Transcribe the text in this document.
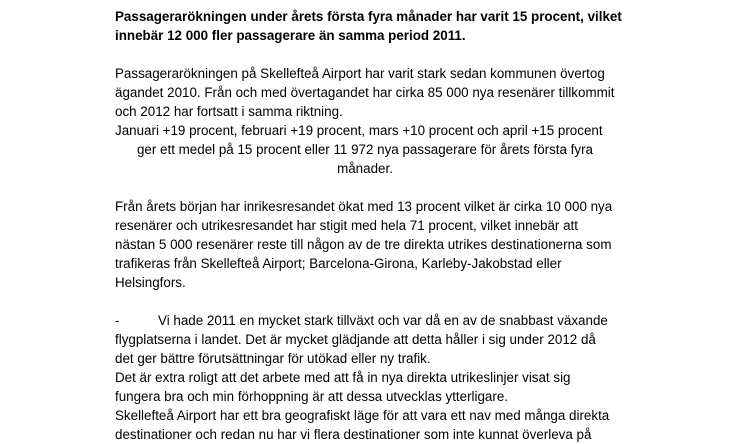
Passagerarökningen under årets första fyra månader har varit 15 procent, vilket
innebär 12 000 fler passagerare än samma period 2011.
Passagerarökningen på Skellefteå Airport har varit stark sedan kommunen övertog
ägandet 2010. Från och med övertagandet har cirka 85 000 nya resenärer tillkommit
och 2012 har fortsatt i samma riktning.
Januari +19 procent, februari +19 procent, mars +10 procent och april +15 procent
ger ett medel på 15 procent eller 11 972 nya passagerare för årets första fyra
månader.
Från årets början har inrikesresandet ökat med 13 procent vilket är cirka 10 000 nya
resenärer och utrikesresandet har stigit med hela 71 procent, vilket innebär att
nästan 5 000 resenärer reste till någon av de tre direkta utrikes destinationerna som
trafikeras från Skellefteå Airport; Barcelona-Girona, Karleby-Jakobstad eller
Helsingfors.
-	Vi hade 2011 en mycket stark tillväxt och var då en av de snabbast växande
flygplatserna i landet. Det är mycket glädjande att detta håller i sig under 2012 då
det ger bättre förutsättningar för utökad eller ny trafik.
Det är extra roligt att det arbete med att få in nya direkta utrikeslinjer visat sig
fungera bra och min förhoppning är att dessa utvecklas ytterligare.
Skellefteå Airport har ett bra geografiskt läge för att vara ett nav med många direkta
destinationer och redan nu har vi flera destinationer som inte kunnat överleva på
